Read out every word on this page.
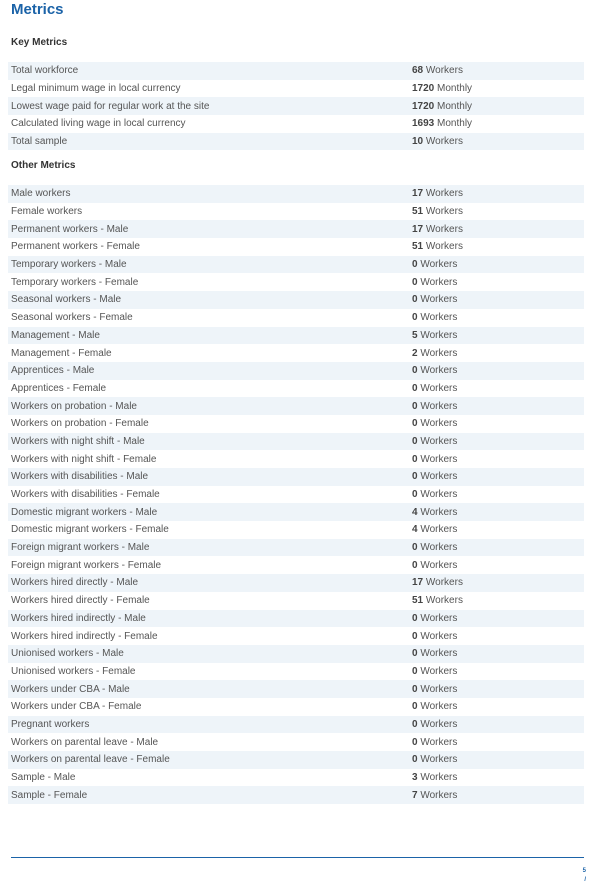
Metrics
Key Metrics
Total workforce	68 Workers
Legal minimum wage in local currency	1720 Monthly
Lowest wage paid for regular work at the site	1720 Monthly
Calculated living wage in local currency	1693 Monthly
Total sample	10 Workers
Other Metrics
Male workers	17 Workers
Female workers	51 Workers
Permanent workers - Male	17 Workers
Permanent workers - Female	51 Workers
Temporary workers - Male	0 Workers
Temporary workers - Female	0 Workers
Seasonal workers - Male	0 Workers
Seasonal workers - Female	0 Workers
Management - Male	5 Workers
Management - Female	2 Workers
Apprentices - Male	0 Workers
Apprentices - Female	0 Workers
Workers on probation - Male	0 Workers
Workers on probation - Female	0 Workers
Workers with night shift - Male	0 Workers
Workers with night shift - Female	0 Workers
Workers with disabilities - Male	0 Workers
Workers with disabilities - Female	0 Workers
Domestic migrant workers - Male	4 Workers
Domestic migrant workers - Female	4 Workers
Foreign migrant workers - Male	0 Workers
Foreign migrant workers - Female	0 Workers
Workers hired directly - Male	17 Workers
Workers hired directly - Female	51 Workers
Workers hired indirectly - Male	0 Workers
Workers hired indirectly - Female	0 Workers
Unionised workers - Male	0 Workers
Unionised workers - Female	0 Workers
Workers under CBA - Male	0 Workers
Workers under CBA - Female	0 Workers
Pregnant workers	0 Workers
Workers on parental leave - Male	0 Workers
Workers on parental leave - Female	0 Workers
Sample - Male	3 Workers
Sample - Female	7 Workers
5
/
